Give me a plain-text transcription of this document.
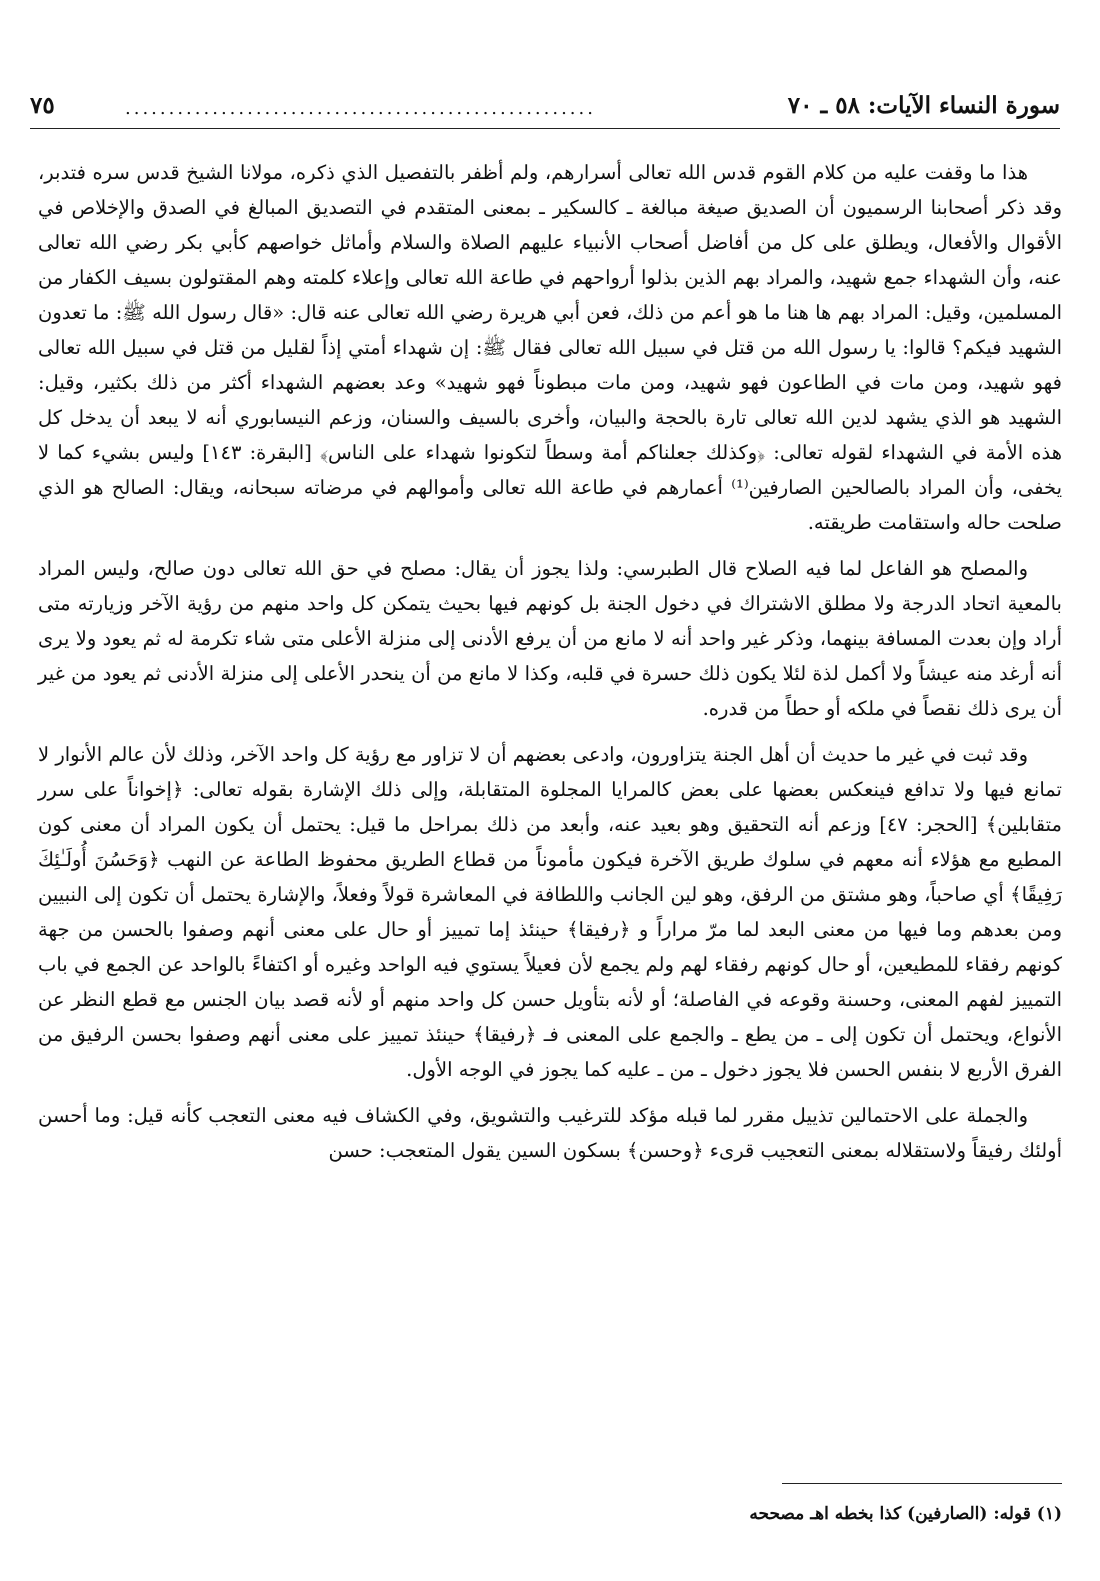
سورة النساء الآيات: ٥٨ ـ ٧٠
......................................................
٧٥

هذا ما وقفت عليه من كلام القوم قدس الله تعالى أسرارهم، ولم أظفر بالتفصيل الذي ذكره، مولانا الشيخ قدس سره فتدبر، وقد ذكر أصحابنا الرسميون أن الصديق صيغة مبالغة ـ كالسكير ـ بمعنى المتقدم في التصديق المبالغ في الصدق والإخلاص في الأقوال والأفعال، ويطلق على كل من أفاضل أصحاب الأنبياء عليهم الصلاة والسلام وأماثل خواصهم كأبي بكر رضي الله تعالى عنه، وأن الشهداء جمع شهيد، والمراد بهم الذين بذلوا أرواحهم في طاعة الله تعالى وإعلاء كلمته وهم المقتولون بسيف الكفار من المسلمين، وقيل: المراد بهم ها هنا ما هو أعم من ذلك، فعن أبي هريرة رضي الله تعالى عنه قال: «قال رسول الله ﷺ: ما تعدون الشهيد فيكم؟ قالوا: يا رسول الله من قتل في سبيل الله تعالى فقال ﷺ: إن شهداء أمتي إذاً لقليل من قتل في سبيل الله تعالى فهو شهيد، ومن مات في الطاعون فهو شهيد، ومن مات مبطوناً فهو شهيد» وعد بعضهم الشهداء أكثر من ذلك بكثير، وقيل: الشهيد هو الذي يشهد لدين الله تعالى تارة بالحجة والبيان، وأخرى بالسيف والسنان، وزعم النيسابوري أنه لا يبعد أن يدخل كل هذه الأمة في الشهداء لقوله تعالى: ﴿وكذلك جعلناكم أمة وسطاً لتكونوا شهداء على الناس﴾ [البقرة: ١٤٣] وليس بشيء كما لا يخفى، وأن المراد بالصالحين الصارفين⁽¹⁾ أعمارهم في طاعة الله تعالى وأموالهم في مرضاته سبحانه، ويقال: الصالح هو الذي صلحت حاله واستقامت طريقته.

والمصلح هو الفاعل لما فيه الصلاح قال الطبرسي: ولذا يجوز أن يقال: مصلح في حق الله تعالى دون صالح، وليس المراد بالمعية اتحاد الدرجة ولا مطلق الاشتراك في دخول الجنة بل كونهم فيها بحيث يتمكن كل واحد منهم من رؤية الآخر وزيارته متى أراد وإن بعدت المسافة بينهما، وذكر غير واحد أنه لا مانع من أن يرفع الأدنى إلى منزلة الأعلى متى شاء تكرمة له ثم يعود ولا يرى أنه أرغد منه عيشاً ولا أكمل لذة لئلا يكون ذلك حسرة في قلبه، وكذا لا مانع من أن ينحدر الأعلى إلى منزلة الأدنى ثم يعود من غير أن يرى ذلك نقصاً في ملكه أو حطاً من قدره.

وقد ثبت في غير ما حديث أن أهل الجنة يتزاورون، وادعى بعضهم أن لا تزاور مع رؤية كل واحد الآخر، وذلك لأن عالم الأنوار لا تمانع فيها ولا تدافع فينعكس بعضها على بعض كالمرايا المجلوة المتقابلة، وإلى ذلك الإشارة بقوله تعالى: ﴿إخواناً على سرر متقابلين﴾ [الحجر: ٤٧] وزعم أنه التحقيق وهو بعيد عنه، وأبعد من ذلك بمراحل ما قيل: يحتمل أن يكون المراد أن معنى كون المطيع مع هؤلاء أنه معهم في سلوك طريق الآخرة فيكون مأموناً من قطاع الطريق محفوظ الطاعة عن النهب ﴿وَحَسُنَ أُولَـٰئِكَ رَفِيقًا﴾ أي صاحباً، وهو مشتق من الرفق، وهو لين الجانب واللطافة في المعاشرة قولاً وفعلاً، والإشارة يحتمل أن تكون إلى النبيين ومن بعدهم وما فيها من معنى البعد لما مرّ مراراً و ﴿رفيقا﴾ حينئذ إما تمييز أو حال على معنى أنهم وصفوا بالحسن من جهة كونهم رفقاء للمطيعين، أو حال كونهم رفقاء لهم ولم يجمع لأن فعيلاً يستوي فيه الواحد وغيره أو اكتفاءً بالواحد عن الجمع في باب التمييز لفهم المعنى، وحسنة وقوعه في الفاصلة؛ أو لأنه بتأويل حسن كل واحد منهم أو لأنه قصد بيان الجنس مع قطع النظر عن الأنواع، ويحتمل أن تكون إلى ـ من يطع ـ والجمع على المعنى فـ ﴿رفيقا﴾ حينئذ تمييز على معنى أنهم وصفوا بحسن الرفيق من الفرق الأربع لا بنفس الحسن فلا يجوز دخول ـ من ـ عليه كما يجوز في الوجه الأول.

والجملة على الاحتمالين تذييل مقرر لما قبله مؤكد للترغيب والتشويق، وفي الكشاف فيه معنى التعجب كأنه قيل: وما أحسن أولئك رفيقاً ولاستقلاله بمعنى التعجيب قرىء ﴿وحسن﴾ بسكون السين يقول المتعجب: حسن

(١) قوله: (الصارفين) كذا بخطه اهـ مصححه
